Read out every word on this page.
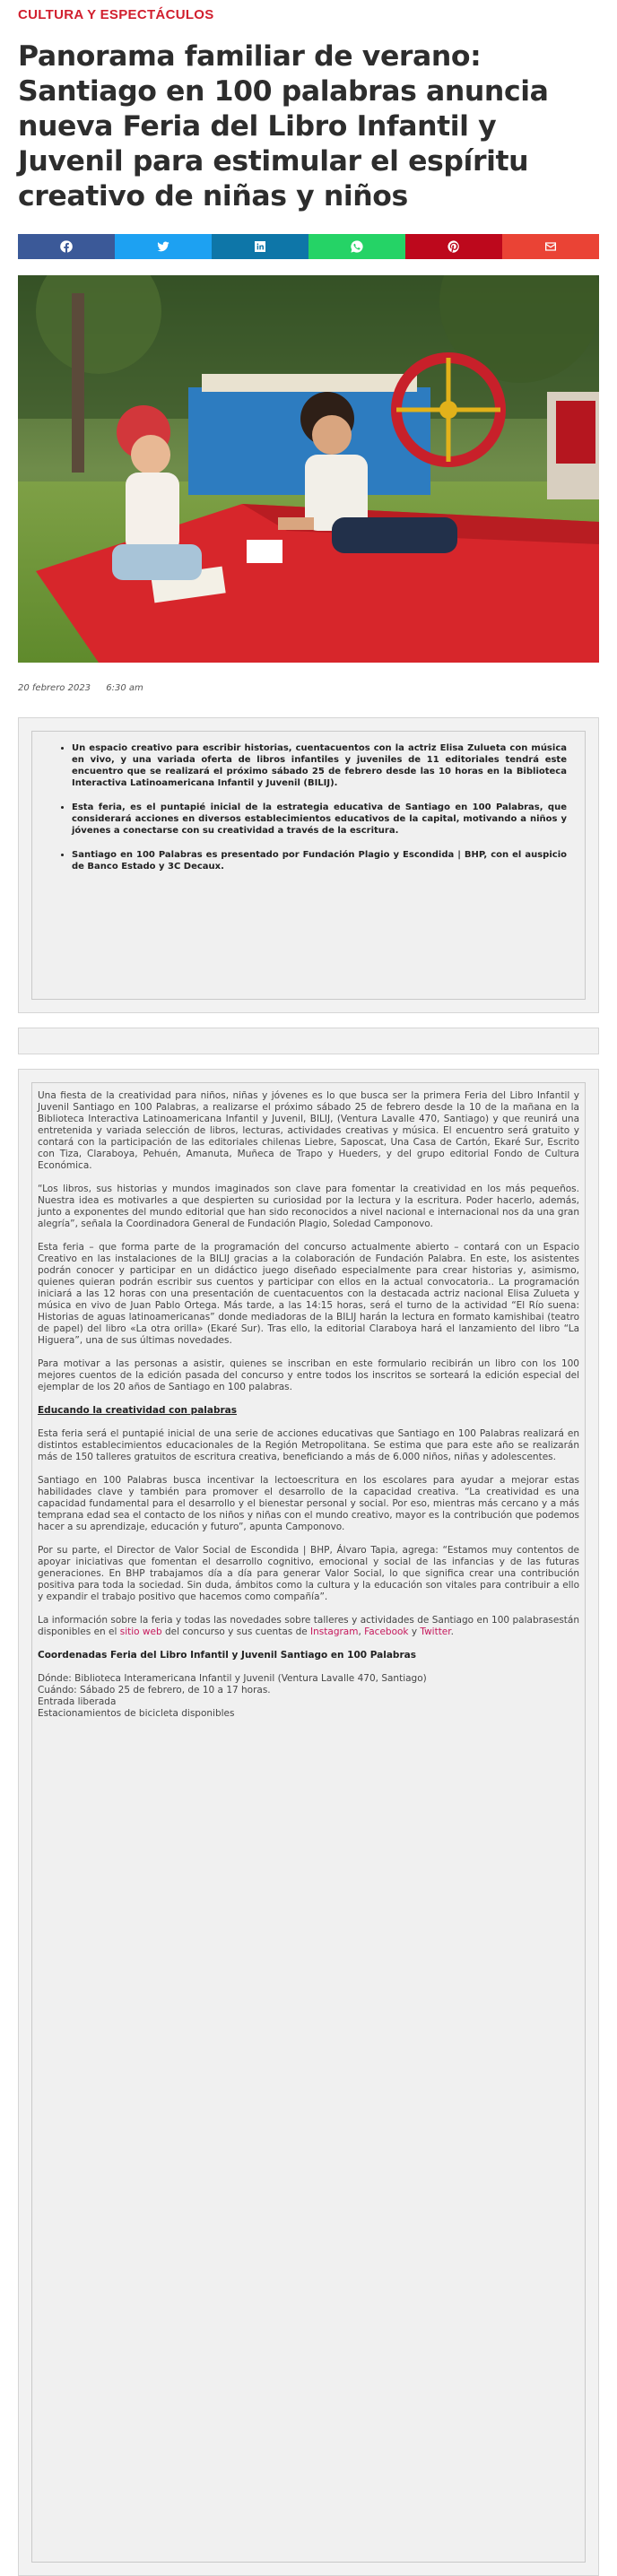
CULTURA Y ESPECTÁCULOS
Panorama familiar de verano: Santiago en 100 palabras anuncia nueva Feria del Libro Infantil y Juvenil para estimular el espíritu creativo de niñas y niños
20 febrero 2023 6:30 am
• Un espacio creativo para escribir historias, cuentacuentos con la actriz Elisa Zulueta con música en vivo, y una variada oferta de libros infantiles y juveniles de 11 editoriales tendrá este encuentro que se realizará el próximo sábado 25 de febrero desde las 10 horas en la Biblioteca Interactiva Latinoamericana Infantil y Juvenil (BILIJ).
• Esta feria, es el puntapié inicial de la estrategia educativa de Santiago en 100 Palabras, que considerará acciones en diversos establecimientos educativos de la capital, motivando a niños y jóvenes a conectarse con su creatividad a través de la escritura.
• Santiago en 100 Palabras es presentado por Fundación Plagio y Escondida | BHP, con el auspicio de Banco Estado y 3C Decaux.

Una fiesta de la creatividad para niños, niñas y jóvenes es lo que busca ser la primera Feria del Libro Infantil y Juvenil Santiago en 100 Palabras, a realizarse el próximo sábado 25 de febrero desde la 10 de la mañana en la Biblioteca Interactiva Latinoamericana Infantil y Juvenil, BILIJ, (Ventura Lavalle 470, Santiago) y que reunirá una entretenida y variada selección de libros, lecturas, actividades creativas y música. El encuentro será gratuito y contará con la participación de las editoriales chilenas Liebre, Saposcat, Una Casa de Cartón, Ekaré Sur, Escrito con Tiza, Claraboya, Pehuén, Amanuta, Muñeca de Trapo y Hueders, y del grupo editorial Fondo de Cultura Económica.

“Los libros, sus historias y mundos imaginados son clave para fomentar la creatividad en los más pequeños. Nuestra idea es motivarles a que despierten su curiosidad por la lectura y la escritura. Poder hacerlo, además, junto a exponentes del mundo editorial que han sido reconocidos a nivel nacional e internacional nos da una gran alegría”, señala la Coordinadora General de Fundación Plagio, Soledad Camponovo.

Esta feria – que forma parte de la programación del concurso actualmente abierto – contará con un Espacio Creativo en las instalaciones de la BILIJ gracias a la colaboración de Fundación Palabra. En este, los asistentes podrán conocer y participar en un didáctico juego diseñado especialmente para crear historias y, asimismo, quienes quieran podrán escribir sus cuentos y participar con ellos en la actual convocatoria.. La programación iniciará a las 12 horas con una presentación de cuentacuentos con la destacada actriz nacional Elisa Zulueta y música en vivo de Juan Pablo Ortega. Más tarde, a las 14:15 horas, será el turno de la actividad “El Río suena: Historias de aguas latinoamericanas” donde mediadoras de la BILIJ harán la lectura en formato kamishibai (teatro de papel) del libro «La otra orilla» (Ekaré Sur). Tras ello, la editorial Claraboya hará el lanzamiento del libro “La Higuera”, una de sus últimas novedades.

Para motivar a las personas a asistir, quienes se inscriban en este formulario recibirán un libro con los 100 mejores cuentos de la edición pasada del concurso y entre todos los inscritos se sorteará la edición especial del ejemplar de los 20 años de Santiago en 100 palabras.

Educando la creatividad con palabras

Esta feria será el puntapié inicial de una serie de acciones educativas que Santiago en 100 Palabras realizará en distintos establecimientos educacionales de la Región Metropolitana. Se estima que para este año se realizarán más de 150 talleres gratuitos de escritura creativa, beneficiando a más de 6.000 niños, niñas y adolescentes.

Santiago en 100 Palabras busca incentivar la lectoescritura en los escolares para ayudar a mejorar estas habilidades clave y también para promover el desarrollo de la capacidad creativa. “La creatividad es una capacidad fundamental para el desarrollo y el bienestar personal y social. Por eso, mientras más cercano y a más temprana edad sea el contacto de los niños y niñas con el mundo creativo, mayor es la contribución que podemos hacer a su aprendizaje, educación y futuro”, apunta Camponovo.

Por su parte, el Director de Valor Social de Escondida | BHP, Álvaro Tapia, agrega: “Estamos muy contentos de apoyar iniciativas que fomentan el desarrollo cognitivo, emocional y social de las infancias y de las futuras generaciones. En BHP trabajamos día a día para generar Valor Social, lo que significa crear una contribución positiva para toda la sociedad. Sin duda, ámbitos como la cultura y la educación son vitales para contribuir a ello y expandir el trabajo positivo que hacemos como compañía”.

La información sobre la feria y todas las novedades sobre talleres y actividades de Santiago en 100 palabrasestán disponibles en el sitio web del concurso y sus cuentas de Instagram, Facebook y Twitter.

Coordenadas Feria del Libro Infantil y Juvenil Santiago en 100 Palabras

Dónde: Biblioteca Interamericana Infantil y Juvenil (Ventura Lavalle 470, Santiago)
Cuándo: Sábado 25 de febrero, de 10 a 17 horas.
Entrada liberada
Estacionamientos de bicicleta disponibles
